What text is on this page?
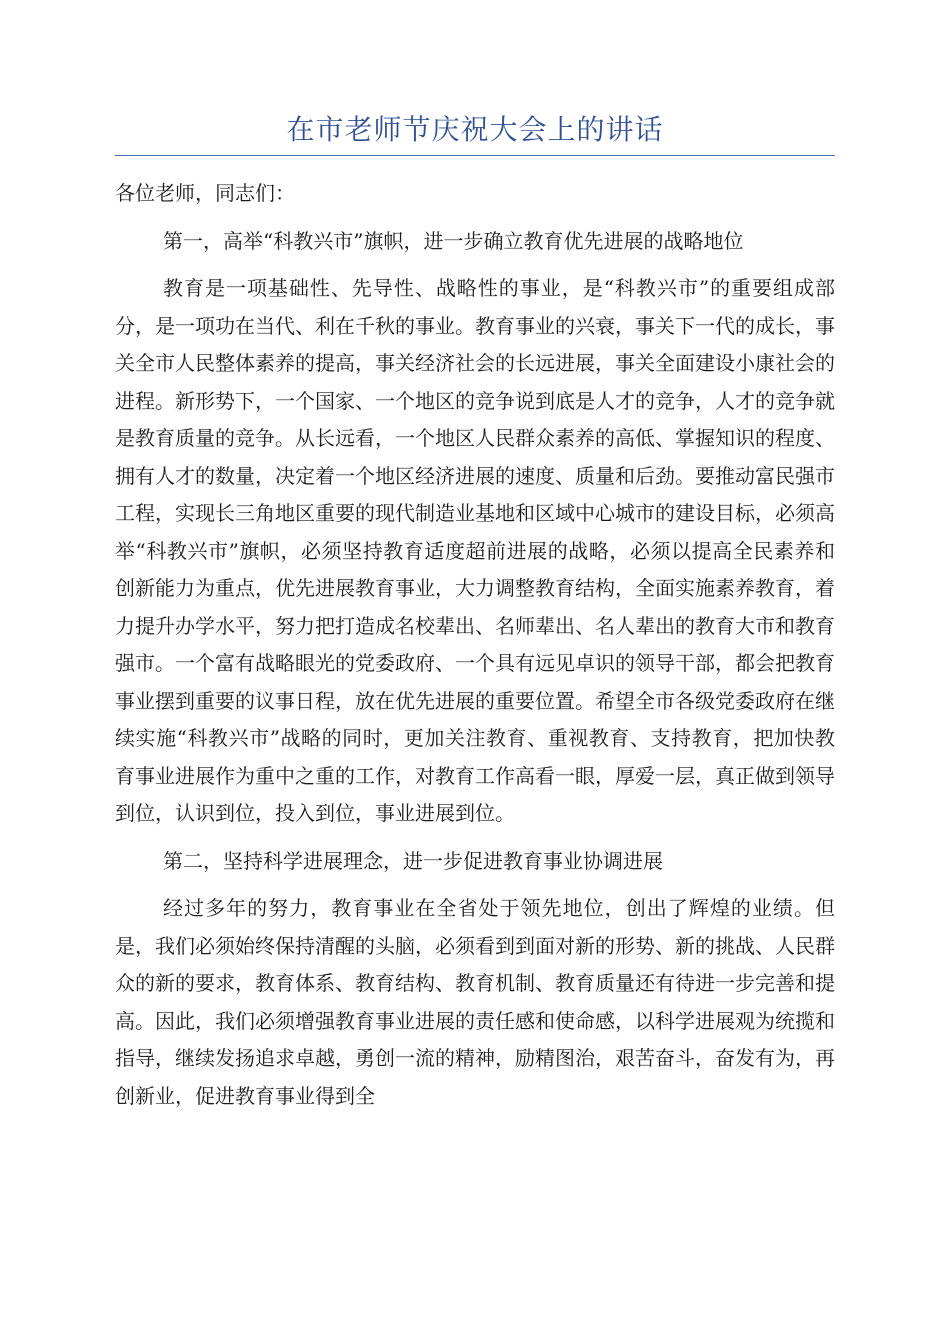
在市老师节庆祝大会上的讲话

各位老师，同志们：

第一，高举“科教兴市”旗帜，进一步确立教育优先进展的战略地位

教育是一项基础性、先导性、战略性的事业，是“科教兴市”的重要组成部分，是一项功在当代、利在千秋的事业。教育事业的兴衰，事关下一代的成长，事关全市人民整体素养的提高，事关经济社会的长远进展，事关全面建设小康社会的进程。新形势下，一个国家、一个地区的竞争说到底是人才的竞争，人才的竞争就是教育质量的竞争。从长远看，一个地区人民群众素养的高低、掌握知识的程度、拥有人才的数量，决定着一个地区经济进展的速度、质量和后劲。要推动富民强市工程，实现长三角地区重要的现代制造业基地和区域中心城市的建设目标，必须高举“科教兴市”旗帜，必须坚持教育适度超前进展的战略，必须以提高全民素养和创新能力为重点，优先进展教育事业，大力调整教育结构，全面实施素养教育，着力提升办学水平，努力把打造成名校辈出、名师辈出、名人辈出的教育大市和教育强市。一个富有战略眼光的党委政府、一个具有远见卓识的领导干部，都会把教育事业摆到重要的议事日程，放在优先进展的重要位置。希望全市各级党委政府在继续实施“科教兴市”战略的同时，更加关注教育、重视教育、支持教育，把加快教育事业进展作为重中之重的工作，对教育工作高看一眼，厚爱一层，真正做到领导到位，认识到位，投入到位，事业进展到位。

第二，坚持科学进展理念，进一步促进教育事业协调进展

经过多年的努力，教育事业在全省处于领先地位，创出了辉煌的业绩。但是，我们必须始终保持清醒的头脑，必须看到到面对新的形势、新的挑战、人民群众的新的要求，教育体系、教育结构、教育机制、教育质量还有待进一步完善和提高。因此，我们必须增强教育事业进展的责任感和使命感，以科学进展观为统揽和指导，继续发扬追求卓越，勇创一流的精神，励精图治，艰苦奋斗，奋发有为，再创新业，促进教育事业得到全
